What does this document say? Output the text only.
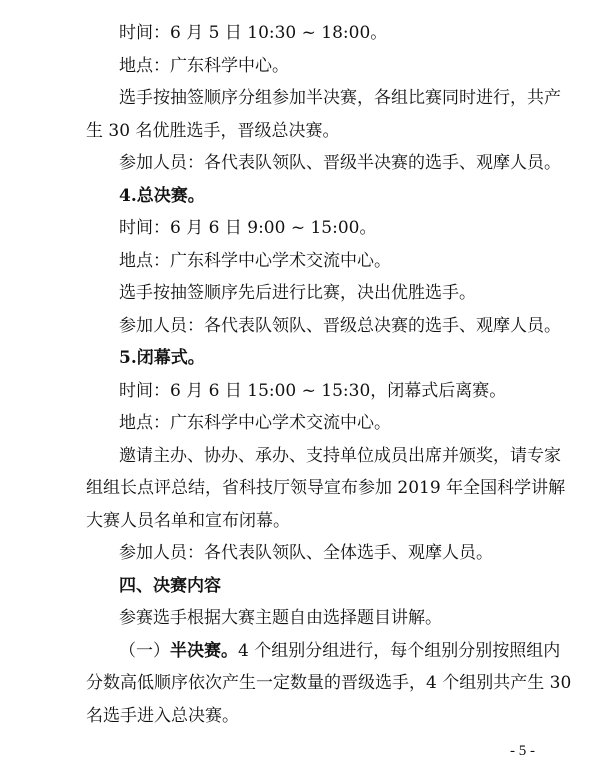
时间：6 月 5 日 10:30 ~ 18:00。
地点：广东科学中心。
选手按抽签顺序分组参加半决赛，各组比赛同时进行，共产
生 30 名优胜选手，晋级总决赛。
参加人员：各代表队领队、晋级半决赛的选手、观摩人员。
4.总决赛。
时间：6 月 6 日 9:00 ~ 15:00。
地点：广东科学中心学术交流中心。
选手按抽签顺序先后进行比赛，决出优胜选手。
参加人员：各代表队领队、晋级总决赛的选手、观摩人员。
5.闭幕式。
时间：6 月 6 日 15:00 ~ 15:30，闭幕式后离赛。
地点：广东科学中心学术交流中心。
邀请主办、协办、承办、支持单位成员出席并颁奖，请专家
组组长点评总结，省科技厅领导宣布参加 2019 年全国科学讲解
大赛人员名单和宣布闭幕。
参加人员：各代表队领队、全体选手、观摩人员。
四、决赛内容
参赛选手根据大赛主题自由选择题目讲解。
（一）半决赛。4 个组别分组进行，每个组别分别按照组内
分数高低顺序依次产生一定数量的晋级选手，4 个组别共产生 30
名选手进入总决赛。
- 5 -
